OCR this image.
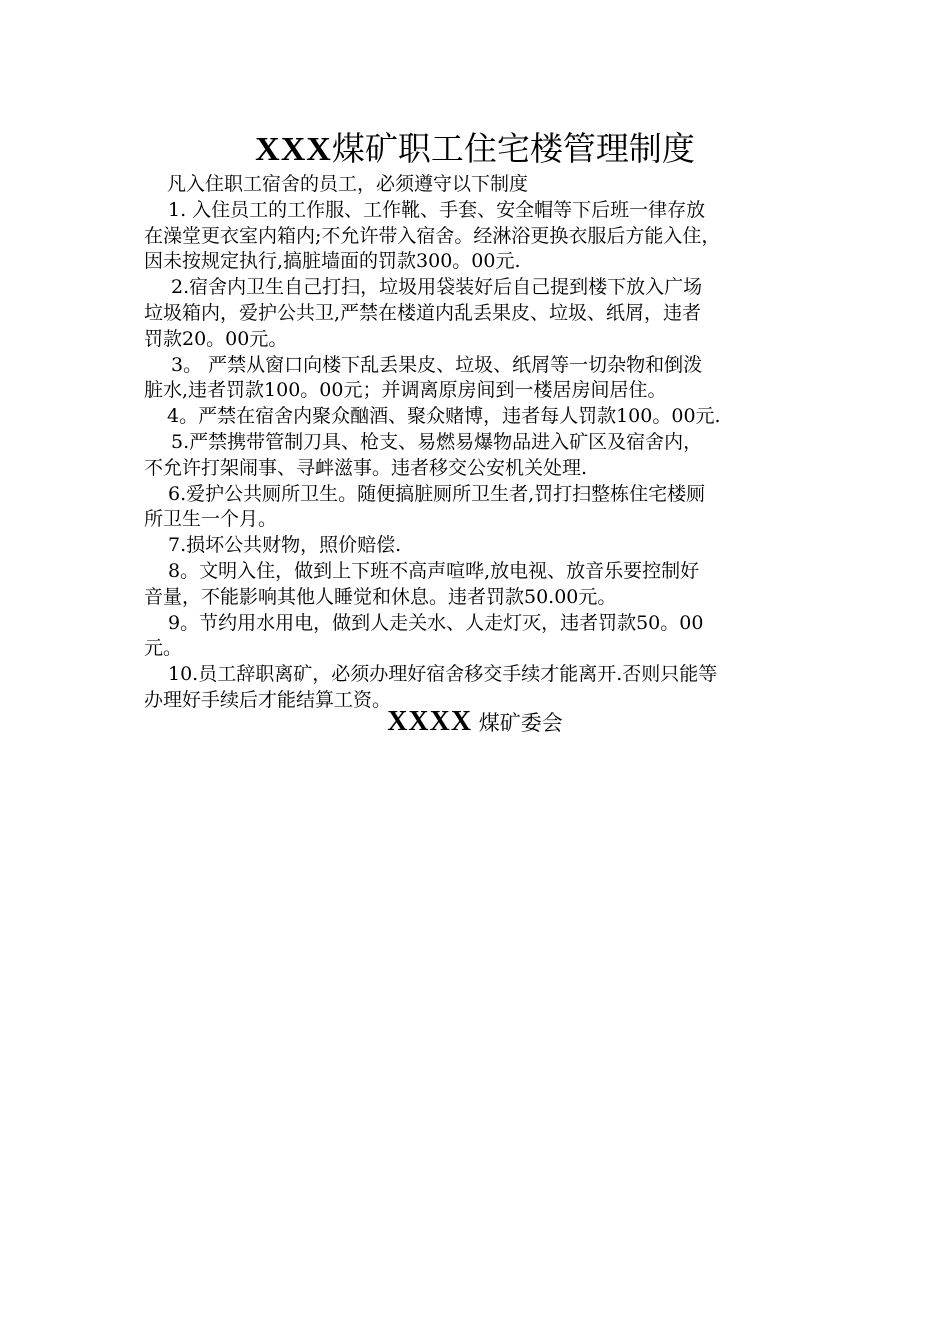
XXX煤矿职工住宅楼管理制度

凡入住职工宿舍的员工，必须遵守以下制度

1. 入住员工的工作服、工作靴、手套、安全帽等下后班一律存放
在澡堂更衣室内箱内;不允许带入宿舍。经淋浴更换衣服后方能入住，
因未按规定执行,搞脏墙面的罚款300。00元.

2.宿舍内卫生自己打扫，垃圾用袋装好后自己提到楼下放入广场
垃圾箱内，爱护公共卫,严禁在楼道内乱丢果皮、垃圾、纸屑，违者
罚款20。00元。

3。 严禁从窗口向楼下乱丢果皮、垃圾、纸屑等一切杂物和倒泼
脏水,违者罚款100。00元；并调离原房间到一楼居房间居住。

4。严禁在宿舍内聚众酗酒、聚众赌博，违者每人罚款100。00元.

5.严禁携带管制刀具、枪支、易燃易爆物品进入矿区及宿舍内，
不允许打架闹事、寻衅滋事。违者移交公安机关处理.

6.爱护公共厕所卫生。随便搞脏厕所卫生者,罚打扫整栋住宅楼厕
所卫生一个月。

7.损坏公共财物，照价赔偿.

8。文明入住，做到上下班不高声喧哗,放电视、放音乐要控制好
音量，不能影响其他人睡觉和休息。违者罚款50.00元。

9。节约用水用电，做到人走关水、人走灯灭，违者罚款50。00
元。

10.员工辞职离矿，必须办理好宿舍移交手续才能离开.否则只能等
办理好手续后才能结算工资。

XXXX 煤矿委会
